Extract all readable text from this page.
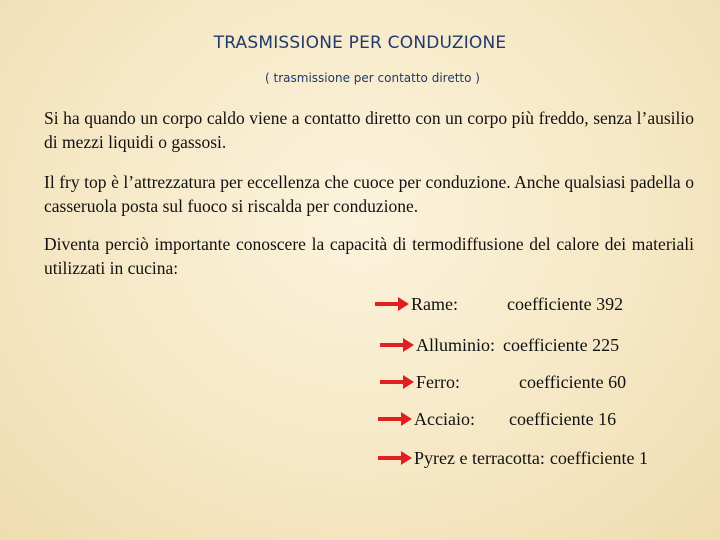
TRASMISSIONE PER CONDUZIONE
( trasmissione per contatto diretto )
Si ha quando un corpo caldo viene a contatto diretto con un corpo più freddo, senza l’ausilio di mezzi liquidi o gassosi.
Il fry top è l’attrezzatura per eccellenza che cuoce per conduzione. Anche qualsiasi padella o casseruola posta sul fuoco si riscalda per conduzione.
Diventa perciò importante conoscere la capacità di termodiffusione del calore dei materiali utilizzati in cucina:
Rame:	coefficiente 392
Alluminio: coefficiente 225
Ferro:	coefficiente 60
Acciaio:	coefficiente 16
Pyrez e terracotta: coefficiente 1
